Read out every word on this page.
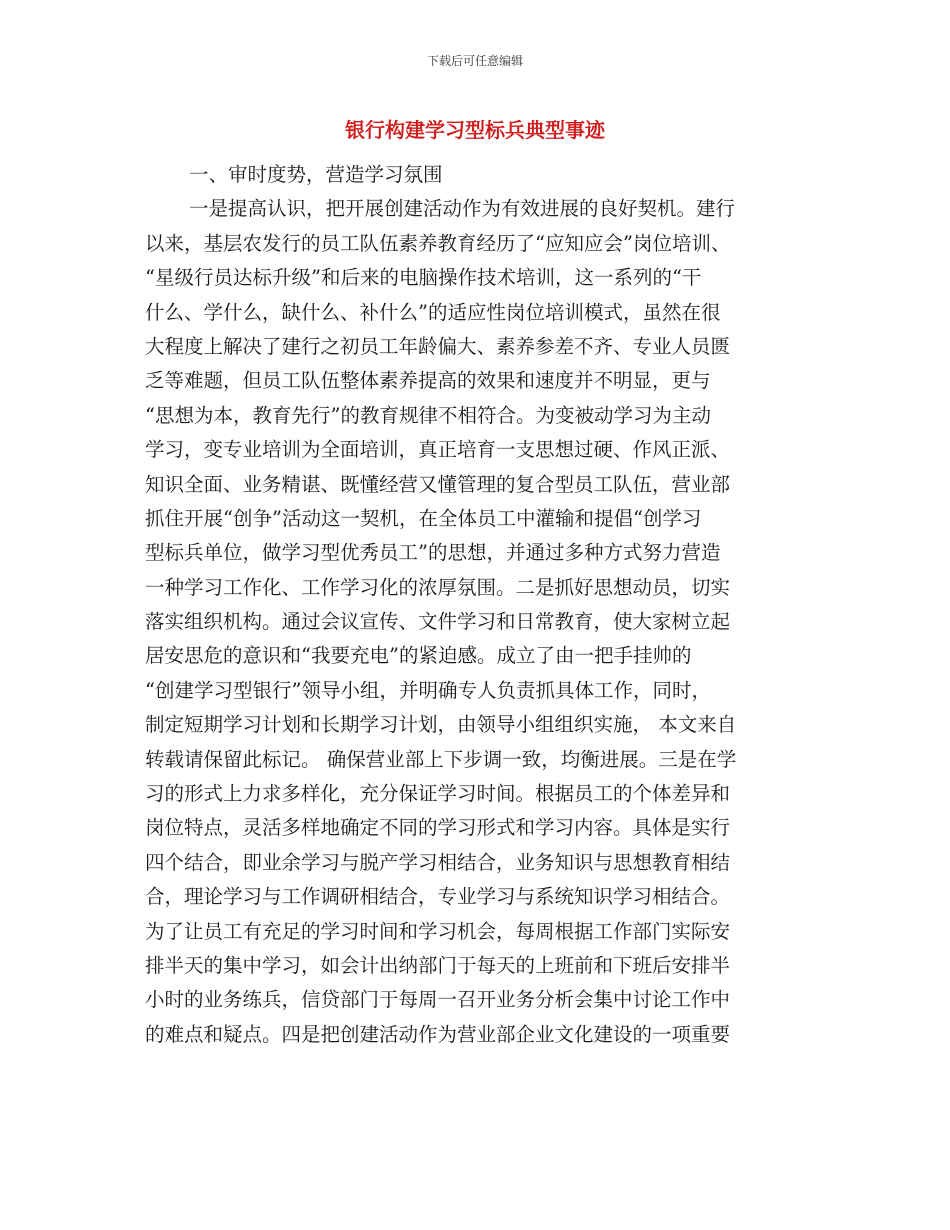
下载后可任意编辑
银行构建学习型标兵典型事迹
一、审时度势，营造学习氛围
一是提高认识，把开展创建活动作为有效进展的良好契机。建行
以来，基层农发行的员工队伍素养教育经历了“应知应会”岗位培训、
“星级行员达标升级”和后来的电脑操作技术培训，这一系列的“干
什么、学什么，缺什么、补什么”的适应性岗位培训模式，虽然在很
大程度上解决了建行之初员工年龄偏大、素养参差不齐、专业人员匮
乏等难题，但员工队伍整体素养提高的效果和速度并不明显，更与
“思想为本，教育先行”的教育规律不相符合。为变被动学习为主动
学习，变专业培训为全面培训，真正培育一支思想过硬、作风正派、
知识全面、业务精谌、既懂经营又懂管理的复合型员工队伍，营业部
抓住开展“创争”活动这一契机，在全体员工中灌输和提倡“创学习
型标兵单位，做学习型优秀员工”的思想，并通过多种方式努力营造
一种学习工作化、工作学习化的浓厚氛围。二是抓好思想动员，切实
落实组织机构。通过会议宣传、文件学习和日常教育，使大家树立起
居安思危的意识和“我要充电”的紧迫感。成立了由一把手挂帅的
“创建学习型银行”领导小组，并明确专人负责抓具体工作，同时，
制定短期学习计划和长期学习计划，由领导小组组织实施， 本文来自
转载请保留此标记。 确保营业部上下步调一致，均衡进展。三是在学
习的形式上力求多样化，充分保证学习时间。根据员工的个体差异和
岗位特点，灵活多样地确定不同的学习形式和学习内容。具体是实行
四个结合，即业余学习与脱产学习相结合，业务知识与思想教育相结
合，理论学习与工作调研相结合，专业学习与系统知识学习相结合。
为了让员工有充足的学习时间和学习机会，每周根据工作部门实际安
排半天的集中学习，如会计出纳部门于每天的上班前和下班后安排半
小时的业务练兵，信贷部门于每周一召开业务分析会集中讨论工作中
的难点和疑点。四是把创建活动作为营业部企业文化建设的一项重要
